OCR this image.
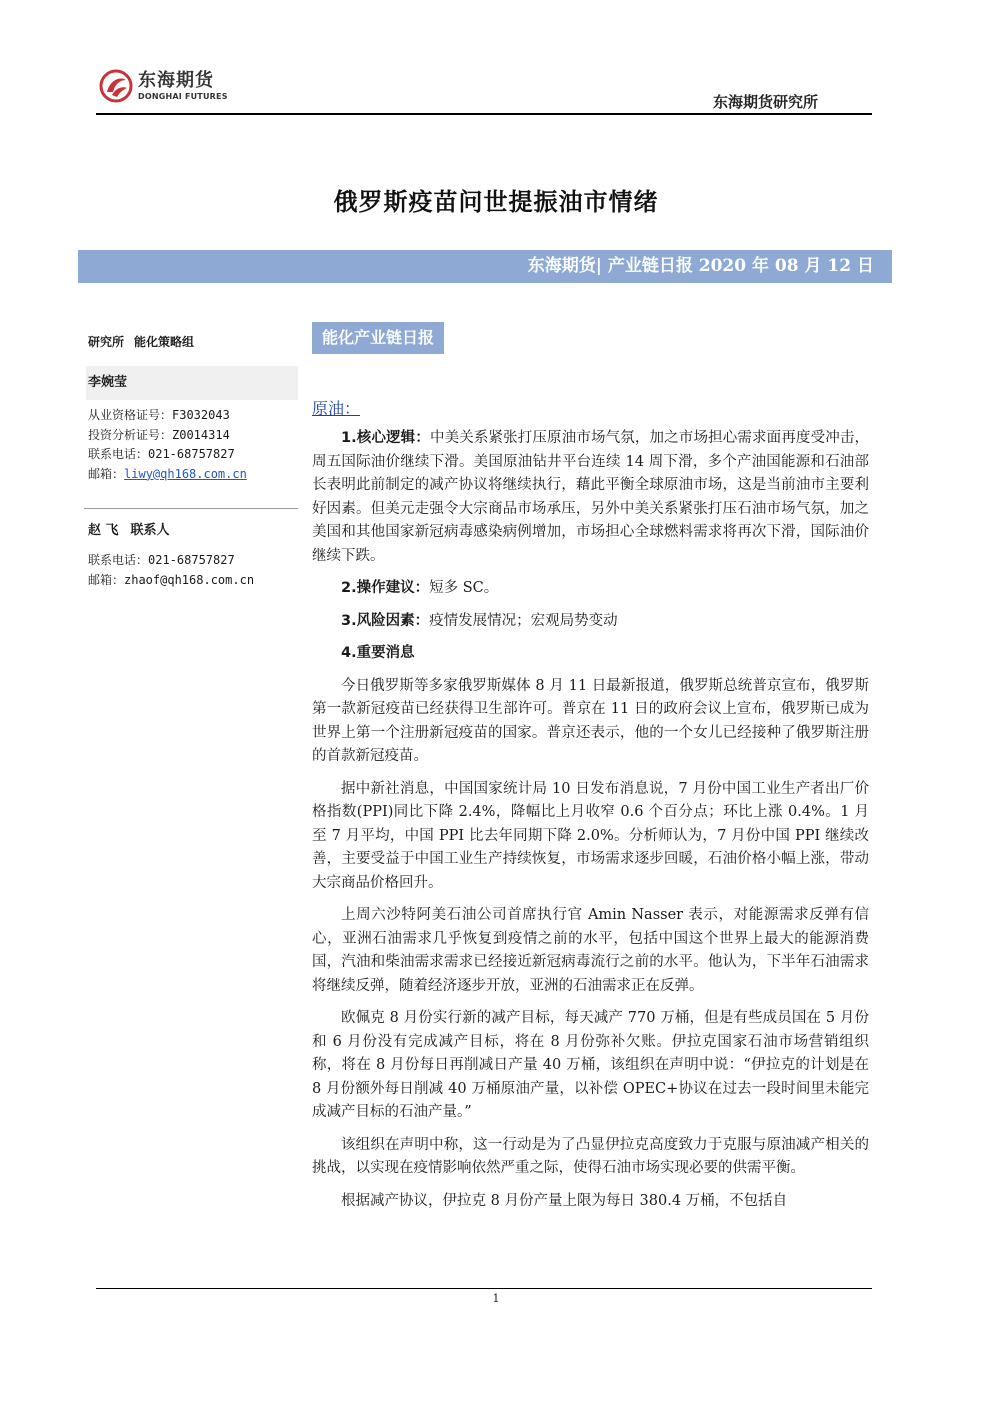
东海期货
DONGHAI FUTURES	东海期货研究所
俄罗斯疫苗问世提振油市情绪
东海期货| 产业链日报 2020 年 08 月 12 日
研究所 能化策略组
李婉莹
从业资格证号：F3032043
投资分析证号：Z0014314
联系电话：021-68757827
邮箱：liwy@qh168.com.cn
赵 飞 联系人
联系电话：021-68757827
邮箱：zhaof@qh168.com.cn
能化产业链日报
原油：

1.核心逻辑：中美关系紧张打压原油市场气氛，加之市场担心需求面再度受冲击，周五国际油价继续下滑。美国原油钻井平台连续 14 周下滑，多个产油国能源和石油部长表明此前制定的减产协议将继续执行，藉此平衡全球原油市场，这是当前油市主要利好因素。但美元走强令大宗商品市场承压，另外中美关系紧张打压石油市场气氛，加之美国和其他国家新冠病毒感染病例增加，市场担心全球燃料需求将再次下滑，国际油价继续下跌。

2.操作建议：短多 SC。

3.风险因素：疫情发展情况；宏观局势变动

4.重要消息

今日俄罗斯等多家俄罗斯媒体 8 月 11 日最新报道，俄罗斯总统普京宣布，俄罗斯第一款新冠疫苗已经获得卫生部许可。普京在 11 日的政府会议上宣布，俄罗斯已成为世界上第一个注册新冠疫苗的国家。普京还表示，他的一个女儿已经接种了俄罗斯注册的首款新冠疫苗。

据中新社消息，中国国家统计局 10 日发布消息说，7 月份中国工业生产者出厂价格指数(PPI)同比下降 2.4%，降幅比上月收窄 0.6 个百分点；环比上涨 0.4%。1 月至 7 月平均，中国 PPI 比去年同期下降 2.0%。分析师认为，7 月份中国 PPI 继续改善，主要受益于中国工业生产持续恢复，市场需求逐步回暖，石油价格小幅上涨，带动大宗商品价格回升。

上周六沙特阿美石油公司首席执行官 Amin Nasser 表示，对能源需求反弹有信心，亚洲石油需求几乎恢复到疫情之前的水平，包括中国这个世界上最大的能源消费国，汽油和柴油需求需求已经接近新冠病毒流行之前的水平。他认为，下半年石油需求将继续反弹，随着经济逐步开放，亚洲的石油需求正在反弹。

欧佩克 8 月份实行新的减产目标，每天减产 770 万桶，但是有些成员国在 5 月份和 6 月份没有完成减产目标，将在 8 月份弥补欠账。伊拉克国家石油市场营销组织称，将在 8 月份每日再削减日产量 40 万桶，该组织在声明中说：“伊拉克的计划是在 8 月份额外每日削减 40 万桶原油产量，以补偿 OPEC+协议在过去一段时间里未能完成减产目标的石油产量。”

该组织在声明中称，这一行动是为了凸显伊拉克高度致力于克服与原油减产相关的挑战，以实现在疫情影响依然严重之际，使得石油市场实现必要的供需平衡。

根据减产协议，伊拉克 8 月份产量上限为每日 380.4 万桶，不包括自

1
